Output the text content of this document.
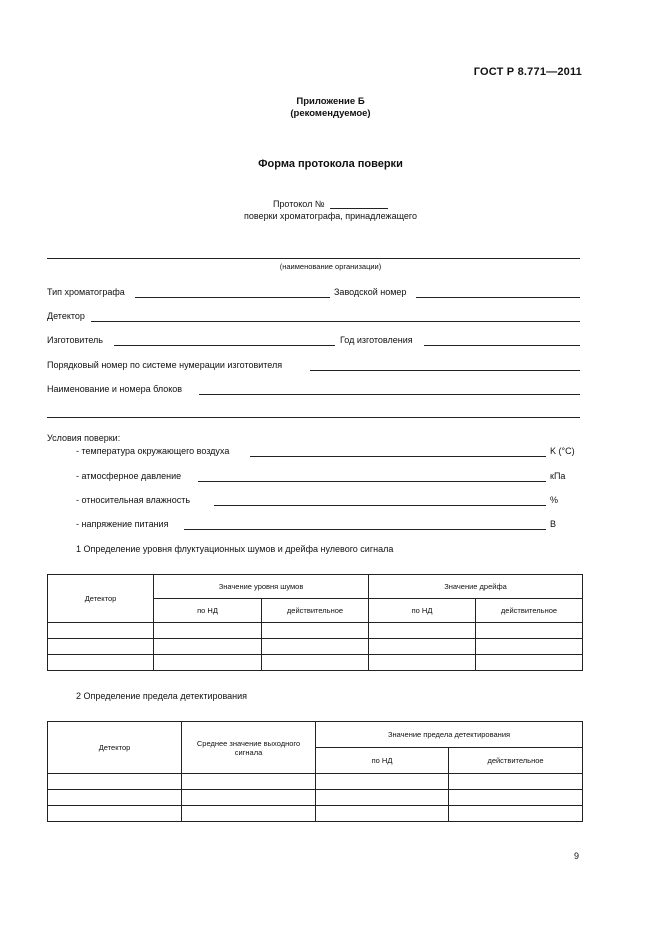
ГОСТ Р 8.771—2011
Приложение Б
(рекомендуемое)
Форма протокола поверки
Протокол №
поверки хроматографа, принадлежащего
(наименование организации)
Тип хроматографа	Заводской номер
Детектор
Изготовитель	Год изготовления
Порядковый номер по системе нумерации изготовителя
Наименование и номера блоков
Условия поверки:
- температура окружающего воздуха	K (°C)
- атмосферное давление	кПа
- относительная влажность	%
- напряжение питания	В
1 Определение уровня флуктуационных шумов и дрейфа нулевого сигнала
Детектор	Значение уровня шумов		Значение дрейфа	
	по НД	действительное	по НД	действительное

2 Определение предела детектирования
Детектор	Среднее значение выходного сигнала	Значение предела детектирования	
		по НД	действительное

9
